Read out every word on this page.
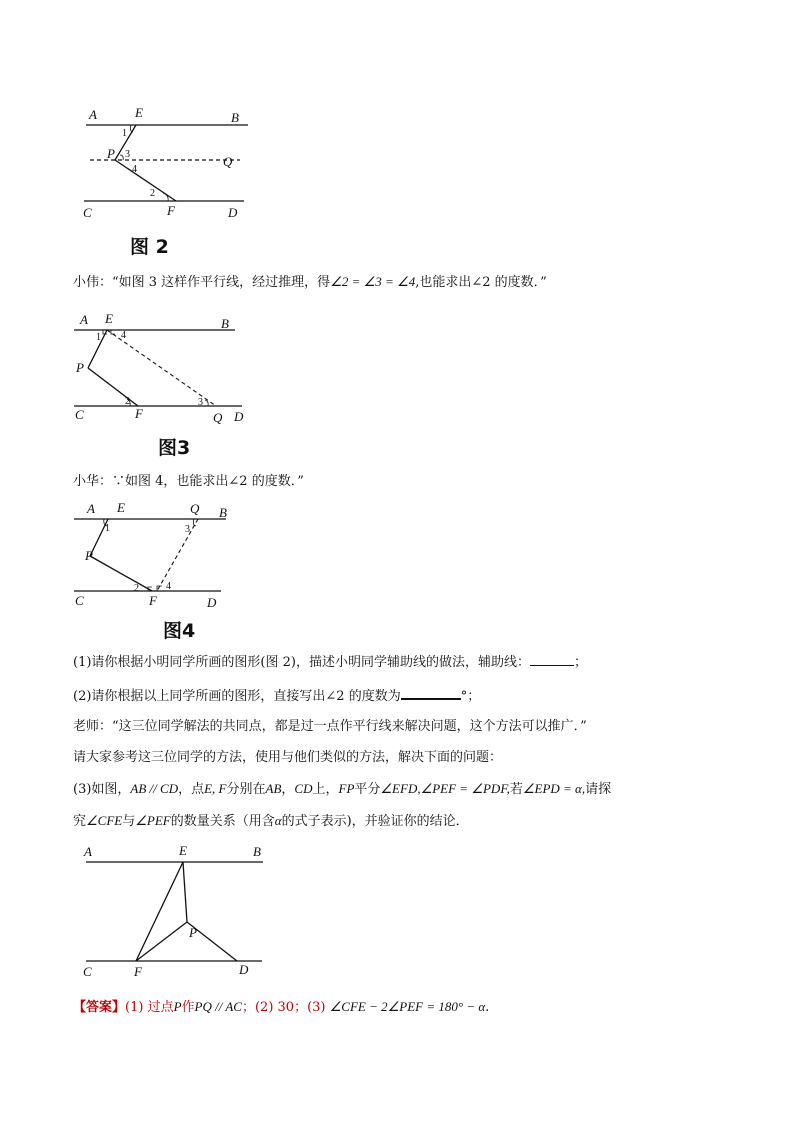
A	E	B
P
Q
C	F	D
1
3
4
2
图 2
小伟：“如图 3 这样作平行线，经过推理，得∠2 = ∠3 = ∠4,也能求出∠2 的度数．”
A E	B
P
C	F	Q D
1 4
2	3
图3
小华：∵如图 4，也能求出∠2 的度数．”
A E	Q B
P
C	F	D
1	3
2	4
图4
(1)请你根据小明同学所画的图形(图 2)，描述小明同学辅助线的做法，辅助线：	；
(2)请你根据以上同学所画的图形，直接写出∠2 的度数为	°；
老师：“这三位同学解法的共同点，都是过一点作平行线来解决问题，这个方法可以推广．”
请大家参考这三位同学的方法，使用与他们类似的方法，解决下面的问题：
(3)如图，AB // CD，点E, F分别在AB，CD上，FP平分∠EFD,∠PEF = ∠PDF,若∠EPD = α,请探
究∠CFE与∠PEF的数量关系（用含α的式子表示)，并验证你的结论．
A	E	B
P
C	F	D
【答案】(1) 过点P作PQ // AC；(2) 30；(3) ∠CFE − 2∠PEF = 180° − α.
